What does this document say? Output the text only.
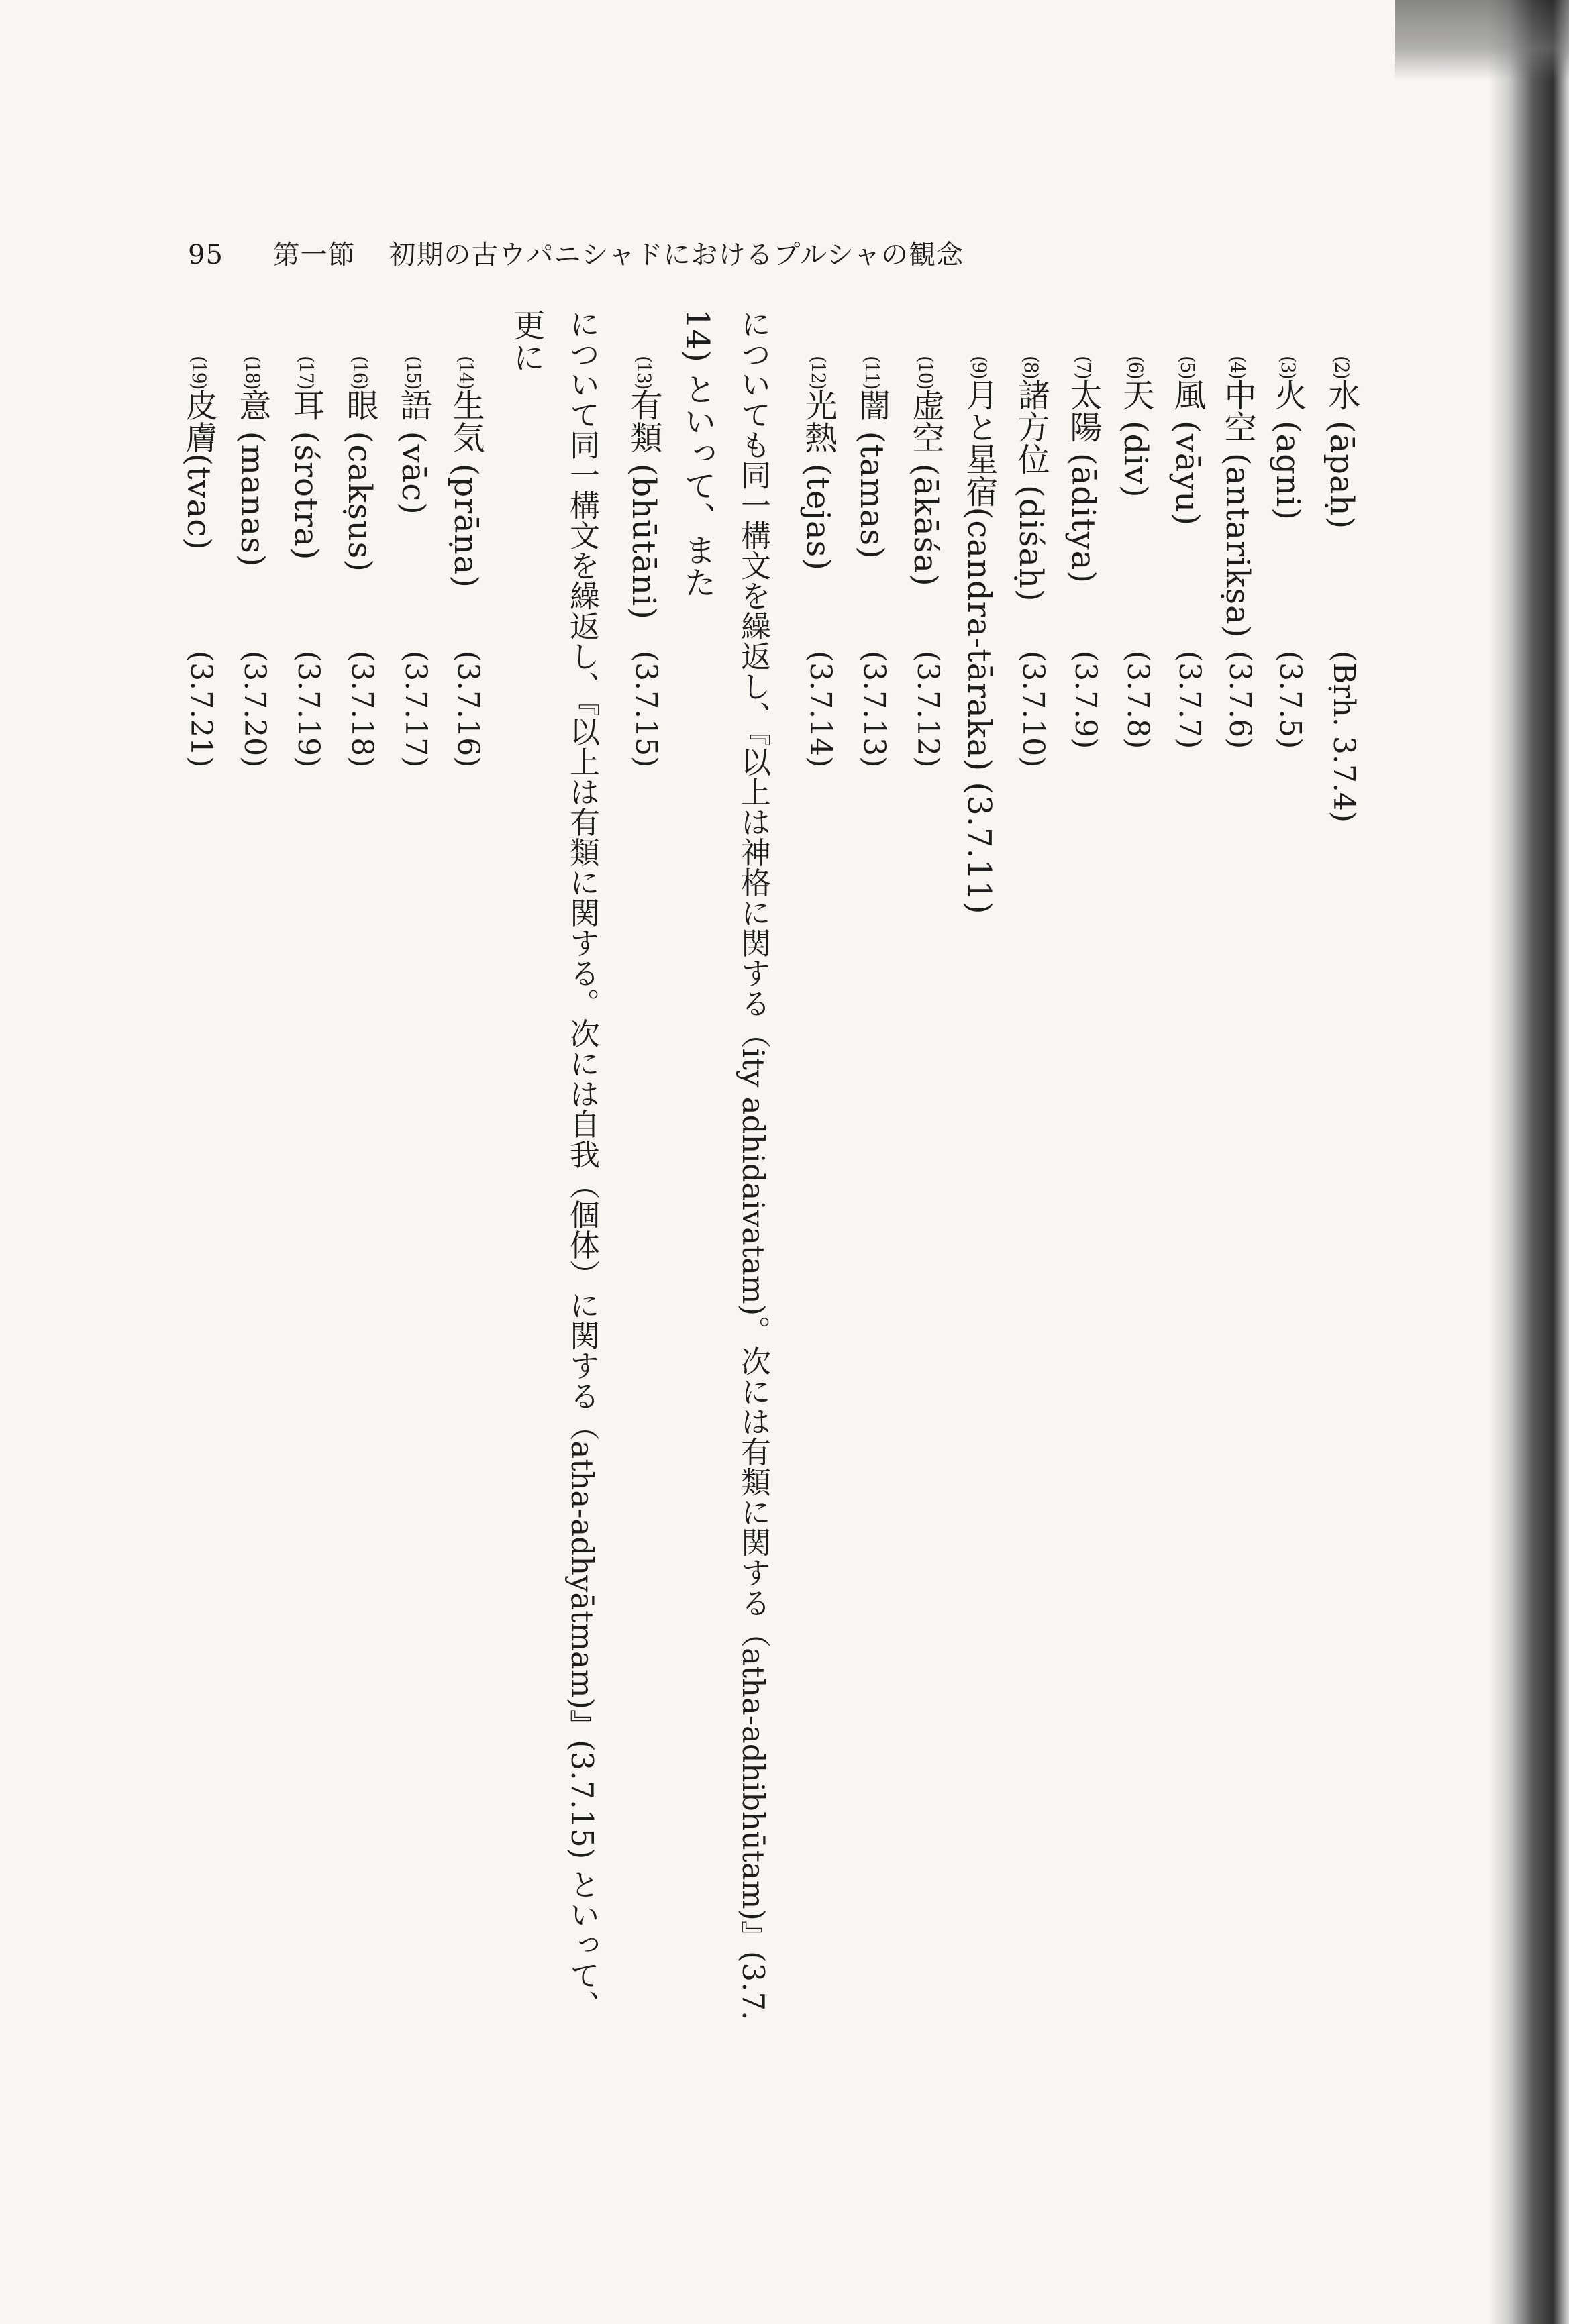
95 第一節 初期の古ウパニシャドにおけるプルシャの観念
(2)水 (āpaḥ)
(Bṛh. 3.7.4)
(3)火 (agni)
(3.7.5)
(4)中空 (antarikṣa)
(3.7.6)
(5)風 (vāyu)
(3.7.7)
(6)天 (div)
(3.7.8)
(7)太陽 (āditya)
(3.7.9)
(8)諸方位 (diśaḥ)
(3.7.10)
(9)月と星宿(candra-tāraka) (3.7.11)
(10)虚空 (ākāśa)
(3.7.12)
(11)闇 (tamas)
(3.7.13)
(12)光熱 (tejas)
(3.7.14)
についても同一構文を繰返し、『以上は神格に関する（ity adhidaivatam)。次には有類に関する（atha-adhibhūtam)』(3.7.
14) といって、また
(13)有類 (bhūtāni)
(3.7.15)
について同一構文を繰返し、『以上は有類に関する。次には自我（個体）に関する（atha-adhyātmam)』(3.7.15) といって、
更に
(14)生気 (prāṇa)
(3.7.16)
(15)語 (vāc)
(3.7.17)
(16)眼 (cakṣus)
(3.7.18)
(17)耳 (śrotra)
(3.7.19)
(18)意 (manas)
(3.7.20)
(19)皮膚(tvac)
(3.7.21)
